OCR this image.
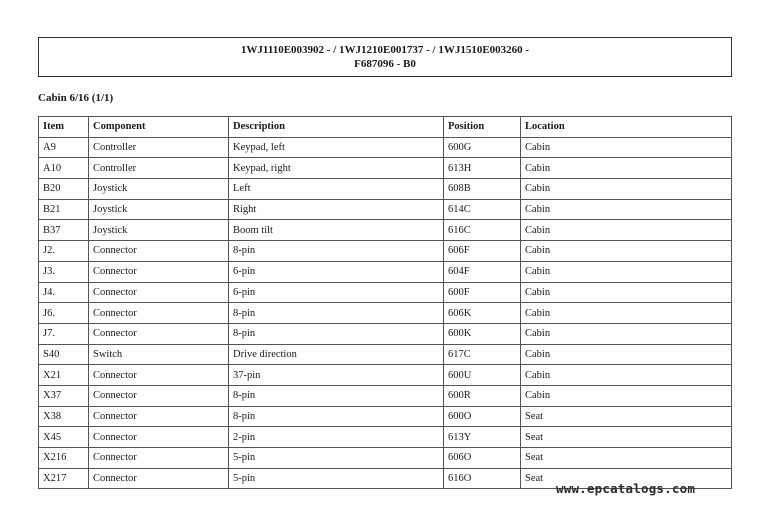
1WJ1110E003902 - / 1WJ1210E001737 - / 1WJ1510E003260 -
F687096 - B0
Cabin 6/16 (1/1)
Item	Component	Description	Position	Location
A9	Controller	Keypad, left	600G	Cabin
A10	Controller	Keypad, right	613H	Cabin
B20	Joystick	Left	608B	Cabin
B21	Joystick	Right	614C	Cabin
B37	Joystick	Boom tilt	616C	Cabin
J2.	Connector	8-pin	606F	Cabin
J3.	Connector	6-pin	604F	Cabin
J4.	Connector	6-pin	600F	Cabin
J6.	Connector	8-pin	606K	Cabin
J7.	Connector	8-pin	600K	Cabin
S40	Switch	Drive direction	617C	Cabin
X21	Connector	37-pin	600U	Cabin
X37	Connector	8-pin	600R	Cabin
X38	Connector	8-pin	600O	Seat
X45	Connector	2-pin	613Y	Seat
X216	Connector	5-pin	606O	Seat
X217	Connector	5-pin	616O	Seat
www.epcatalogs.com
